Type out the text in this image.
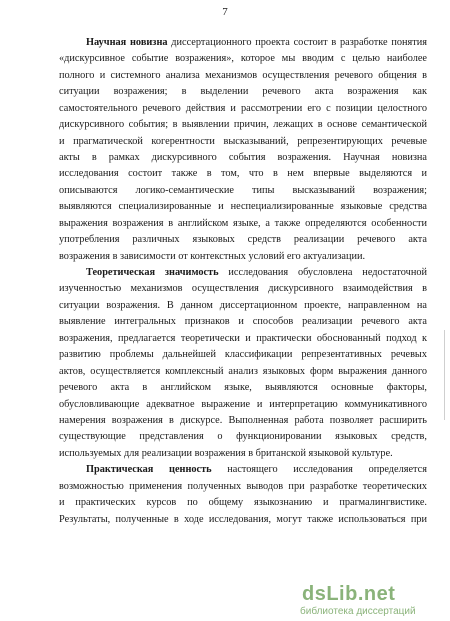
7
Научная новизна диссертационного проекта состоит в разработке понятия
«дискурсивное событие возражения», которое мы вводим с целью наиболее
полного и системного анализа механизмов осуществления речевого общения в
ситуации возражения; в выделении речевого акта возражения как
самостоятельного речевого действия и рассмотрении его с позиции целостного
дискурсивного события; в выявлении причин, лежащих в основе семантической
и прагматической когерентности высказываний, репрезентирующих речевые
акты в рамках дискурсивного события возражения. Научная новизна
исследования состоит также в том, что в нем впервые выделяются и
описываются логико-семантические типы высказываний возражения;
выявляются специализированные и неспециализированные языковые средства
выражения возражения в английском языке, а также определяются особенности
употребления различных языковых средств реализации речевого акта
возражения в зависимости от контекстных условий его актуализации.
Теоретическая значимость исследования обусловлена недостаточной
изученностью механизмов осуществления дискурсивного взаимодействия в
ситуации возражения. В данном диссертационном проекте, направленном на
выявление интегральных признаков и способов реализации речевого акта
возражения, предлагается теоретически и практически обоснованный подход к
развитию проблемы дальнейшей классификации репрезентативных речевых
актов, осуществляется комплексный анализ языковых форм выражения данного
речевого акта в английском языке, выявляются основные факторы,
обусловливающие адекватное выражение и интерпретацию коммуникативного
намерения возражения в дискурсе. Выполненная работа позволяет расширить
существующие представления о функционировании языковых средств,
используемых для реализации возражения в британской языковой культуре.
Практическая ценность настоящего исследования определяется
возможностью применения полученных выводов при разработке теоретических
и практических курсов по общему языкознанию и прагмалингвистике.
Результаты, полученные в ходе исследования, могут также использоваться при
dsLib.net
библиотека диссертаций
